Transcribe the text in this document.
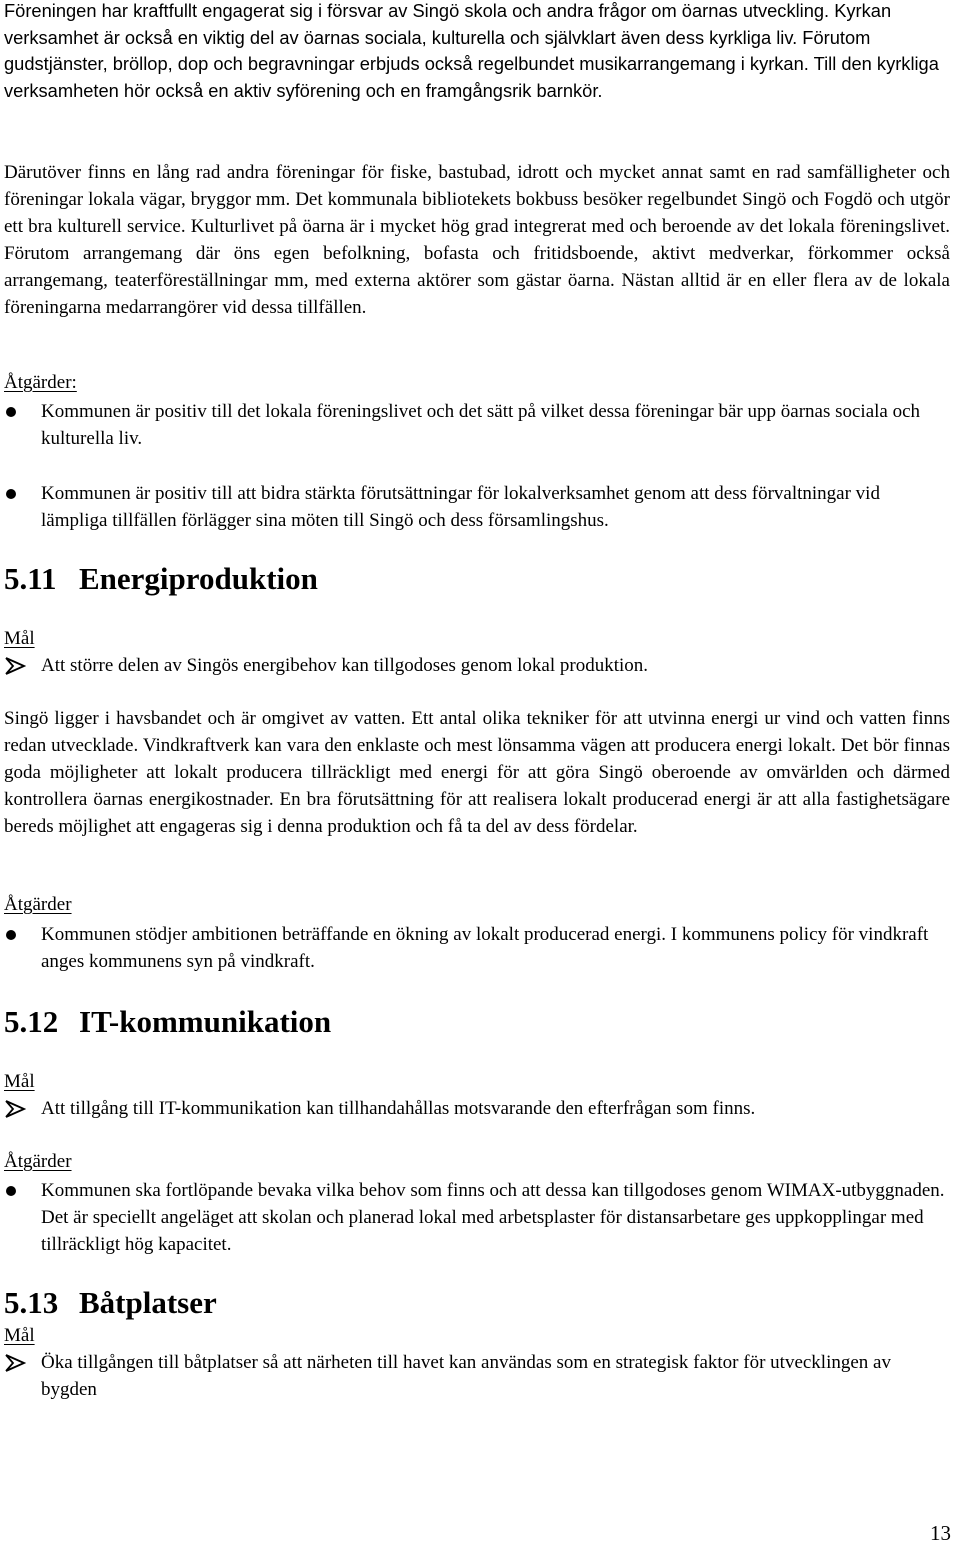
Föreningen har kraftfullt engagerat sig i försvar av Singö skola och andra frågor om öarnas utveckling. Kyrkan verksamhet är också en viktig del av öarnas sociala, kulturella och självklart även dess kyrkliga liv. Förutom gudstjänster, bröllop, dop och begravningar erbjuds också regelbundet musikarrangemang i kyrkan. Till den kyrkliga verksamheten hör också en aktiv syförening och en framgångsrik barnkör.

Därutöver finns en lång rad andra föreningar för fiske, bastubad, idrott och mycket annat samt en rad samfälligheter och föreningar lokala vägar, bryggor mm. Det kommunala bibliotekets bokbuss besöker regelbundet Singö och Fogdö och utgör ett bra kulturell service. Kulturlivet på öarna är i mycket hög grad integrerat med och beroende av det lokala föreningslivet. Förutom arrangemang där öns egen befolkning, bofasta och fritidsboende, aktivt medverkar, förkommer också arrangemang, teaterföreställningar mm, med externa aktörer som gästar öarna. Nästan alltid är en eller flera av de lokala föreningarna medarrangörer vid dessa tillfällen.

Åtgärder:

Kommunen är positiv till det lokala föreningslivet och det sätt på vilket dessa föreningar bär upp öarnas sociala och kulturella liv.

Kommunen är positiv till att bidra stärkta förutsättningar för lokalverksamhet genom att dess förvaltningar vid lämpliga tillfällen förlägger sina möten till Singö och dess församlingshus.

5.11 Energiproduktion

Mål

Att större delen av Singös energibehov kan tillgodoses genom lokal produktion.

Singö ligger i havsbandet och är omgivet av vatten. Ett antal olika tekniker för att utvinna energi ur vind och vatten finns redan utvecklade. Vindkraftverk kan vara den enklaste och mest lönsamma vägen att producera energi lokalt. Det bör finnas goda möjligheter att lokalt producera tillräckligt med energi för att göra Singö oberoende av omvärlden och därmed kontrollera öarnas energikostnader. En bra förutsättning för att realisera lokalt producerad energi är att alla fastighetsägare bereds möjlighet att engageras sig i denna produktion och få ta del av dess fördelar.

Åtgärder

Kommunen stödjer ambitionen beträffande en ökning av lokalt producerad energi. I kommunens policy för vindkraft anges kommunens syn på vindkraft.

5.12 IT-kommunikation

Mål

Att tillgång till IT-kommunikation kan tillhandahållas motsvarande den efterfrågan som finns.

Åtgärder

Kommunen ska fortlöpande bevaka vilka behov som finns och att dessa kan tillgodoses genom WIMAX-utbyggnaden. Det är speciellt angeläget att skolan och planerad lokal med arbetsplaster för distansarbetare ges uppkopplingar med tillräckligt hög kapacitet.

5.13 Båtplatser

Mål

Öka tillgången till båtplatser så att närheten till havet kan användas som en strategisk faktor för utvecklingen av bygden

13
